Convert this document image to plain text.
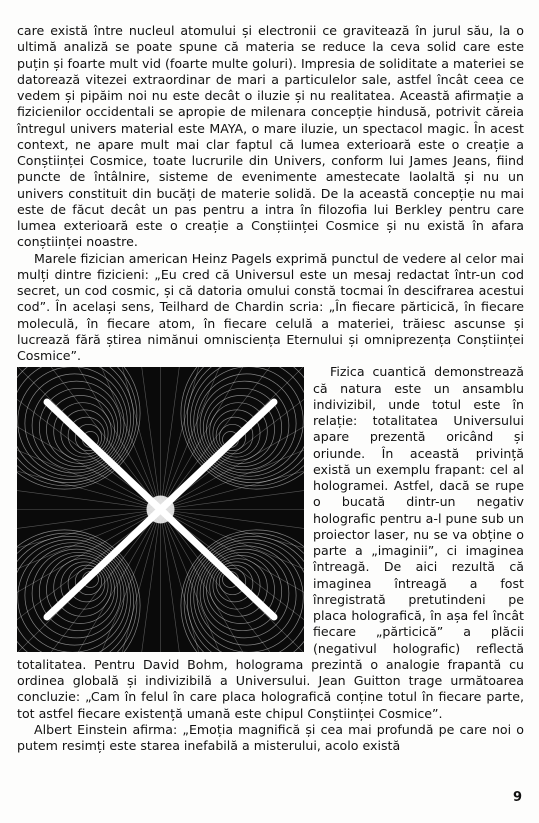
care există între nucleul atomului și electronii ce gravitează în jurul său, la o ultimă analiză se poate spune că materia se reduce la ceva solid care este puțin și foarte mult vid (foarte multe goluri). Impresia de soliditate a materiei se datorează vitezei extraordinar de mari a particulelor sale, astfel încât ceea ce vedem și pipăim noi nu este decât o iluzie și nu realitatea. Această afirmație a fizicienilor occidentali se apropie de milenara concepție hindusă, potrivit căreia întregul univers material este MAYA, o mare iluzie, un spectacol magic. În acest context, ne apare mult mai clar faptul că lumea exterioară este o creație a Conștiinței Cosmice, toate lucrurile din Univers, conform lui James Jeans, fiind puncte de întâlnire, sisteme de evenimente amestecate laolaltă și nu un univers constituit din bucăți de materie solidă. De la această concepție nu mai este de făcut decât un pas pentru a intra în filozofia lui Berkley pentru care lumea exterioară este o creație a Conștiinței Cosmice și nu există în afara conștiinței noastre.

Marele fizician american Heinz Pagels exprimă punctul de vedere al celor mai mulți dintre fizicieni: „Eu cred că Universul este un mesaj redactat într-un cod secret, un cod cosmic, și că datoria omului constă tocmai în descifrarea acestui cod”. În același sens, Teilhard de Chardin scria: „În fiecare părticică, în fiecare moleculă, în fiecare atom, în fiecare celulă a materiei, trăiesc ascunse și lucrează fără știrea nimănui omnisciența Eternului și omniprezența Conștiinței Cosmice”.

Fizica cuantică demonstrează că natura este un ansamblu indivizibil, unde totul este în relație: totalitatea Universului apare prezentă oricând și oriunde. În această privință există un exemplu frapant: cel al hologramei. Astfel, dacă se rupe o bucată dintr-un negativ holografic pentru a-l pune sub un proiector laser, nu se va obține o parte a „imaginii”, ci imaginea întreagă. De aici rezultă că imaginea întreagă a fost înregistrată pretutindeni pe placa holografică, în așa fel încât fiecare „părticică” a plăcii (negativul holografic) reflectă totalitatea. Pentru David Bohm, holograma prezintă o analogie frapantă cu ordinea globală și indivizibilă a Universului. Jean Guitton trage următoarea concluzie: „Cam în felul în care placa holografică conține totul în fiecare parte, tot astfel fiecare existență umană este chipul Conștiinței Cosmice”.

Albert Einstein afirma: „Emoția magnifică și cea mai profundă pe care noi o putem resimți este starea inefabilă a misterului, acolo există

9
